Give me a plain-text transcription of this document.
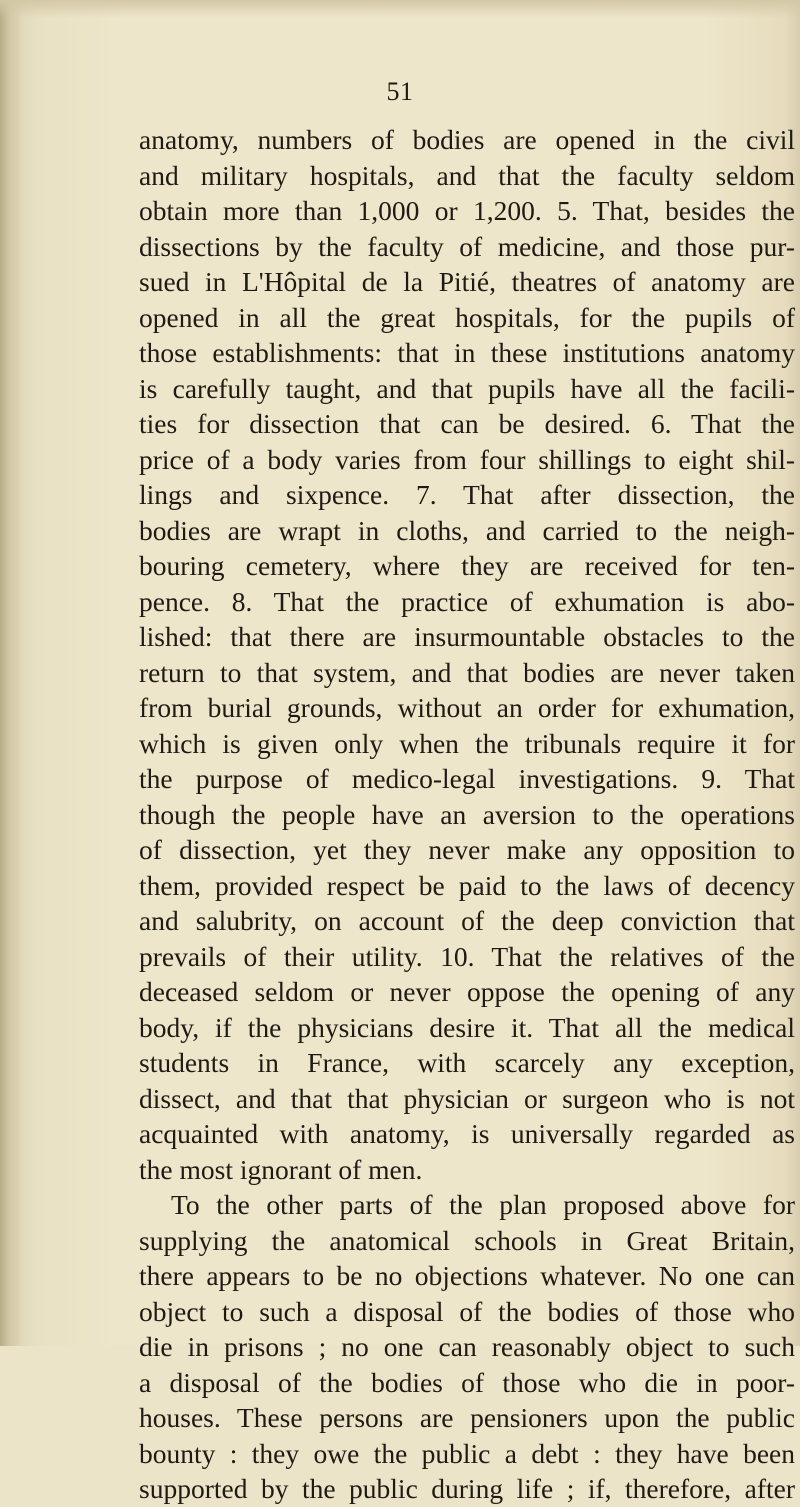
51
anatomy, numbers of bodies are opened in the civil
and military hospitals, and that the faculty seldom
obtain more than 1,000 or 1,200. 5. That, besides the
dissections by the faculty of medicine, and those pur-
sued in L'Hôpital de la Pitié, theatres of anatomy are
opened in all the great hospitals, for the pupils of
those establishments: that in these institutions anatomy
is carefully taught, and that pupils have all the facili-
ties for dissection that can be desired. 6. That the
price of a body varies from four shillings to eight shil-
lings and sixpence. 7. That after dissection, the
bodies are wrapt in cloths, and carried to the neigh-
bouring cemetery, where they are received for ten-
pence. 8. That the practice of exhumation is abo-
lished: that there are insurmountable obstacles to the
return to that system, and that bodies are never taken
from burial grounds, without an order for exhumation,
which is given only when the tribunals require it for
the purpose of medico-legal investigations. 9. That
though the people have an aversion to the operations
of dissection, yet they never make any opposition to
them, provided respect be paid to the laws of decency
and salubrity, on account of the deep conviction that
prevails of their utility. 10. That the relatives of the
deceased seldom or never oppose the opening of any
body, if the physicians desire it. That all the medical
students in France, with scarcely any exception,
dissect, and that that physician or surgeon who is not
acquainted with anatomy, is universally regarded as
the most ignorant of men.
To the other parts of the plan proposed above for
supplying the anatomical schools in Great Britain,
there appears to be no objections whatever. No one can
object to such a disposal of the bodies of those who
die in prisons ; no one can reasonably object to such
a disposal of the bodies of those who die in poor-
houses. These persons are pensioners upon the public
bounty : they owe the public a debt : they have been
supported by the public during life ; if, therefore, after
